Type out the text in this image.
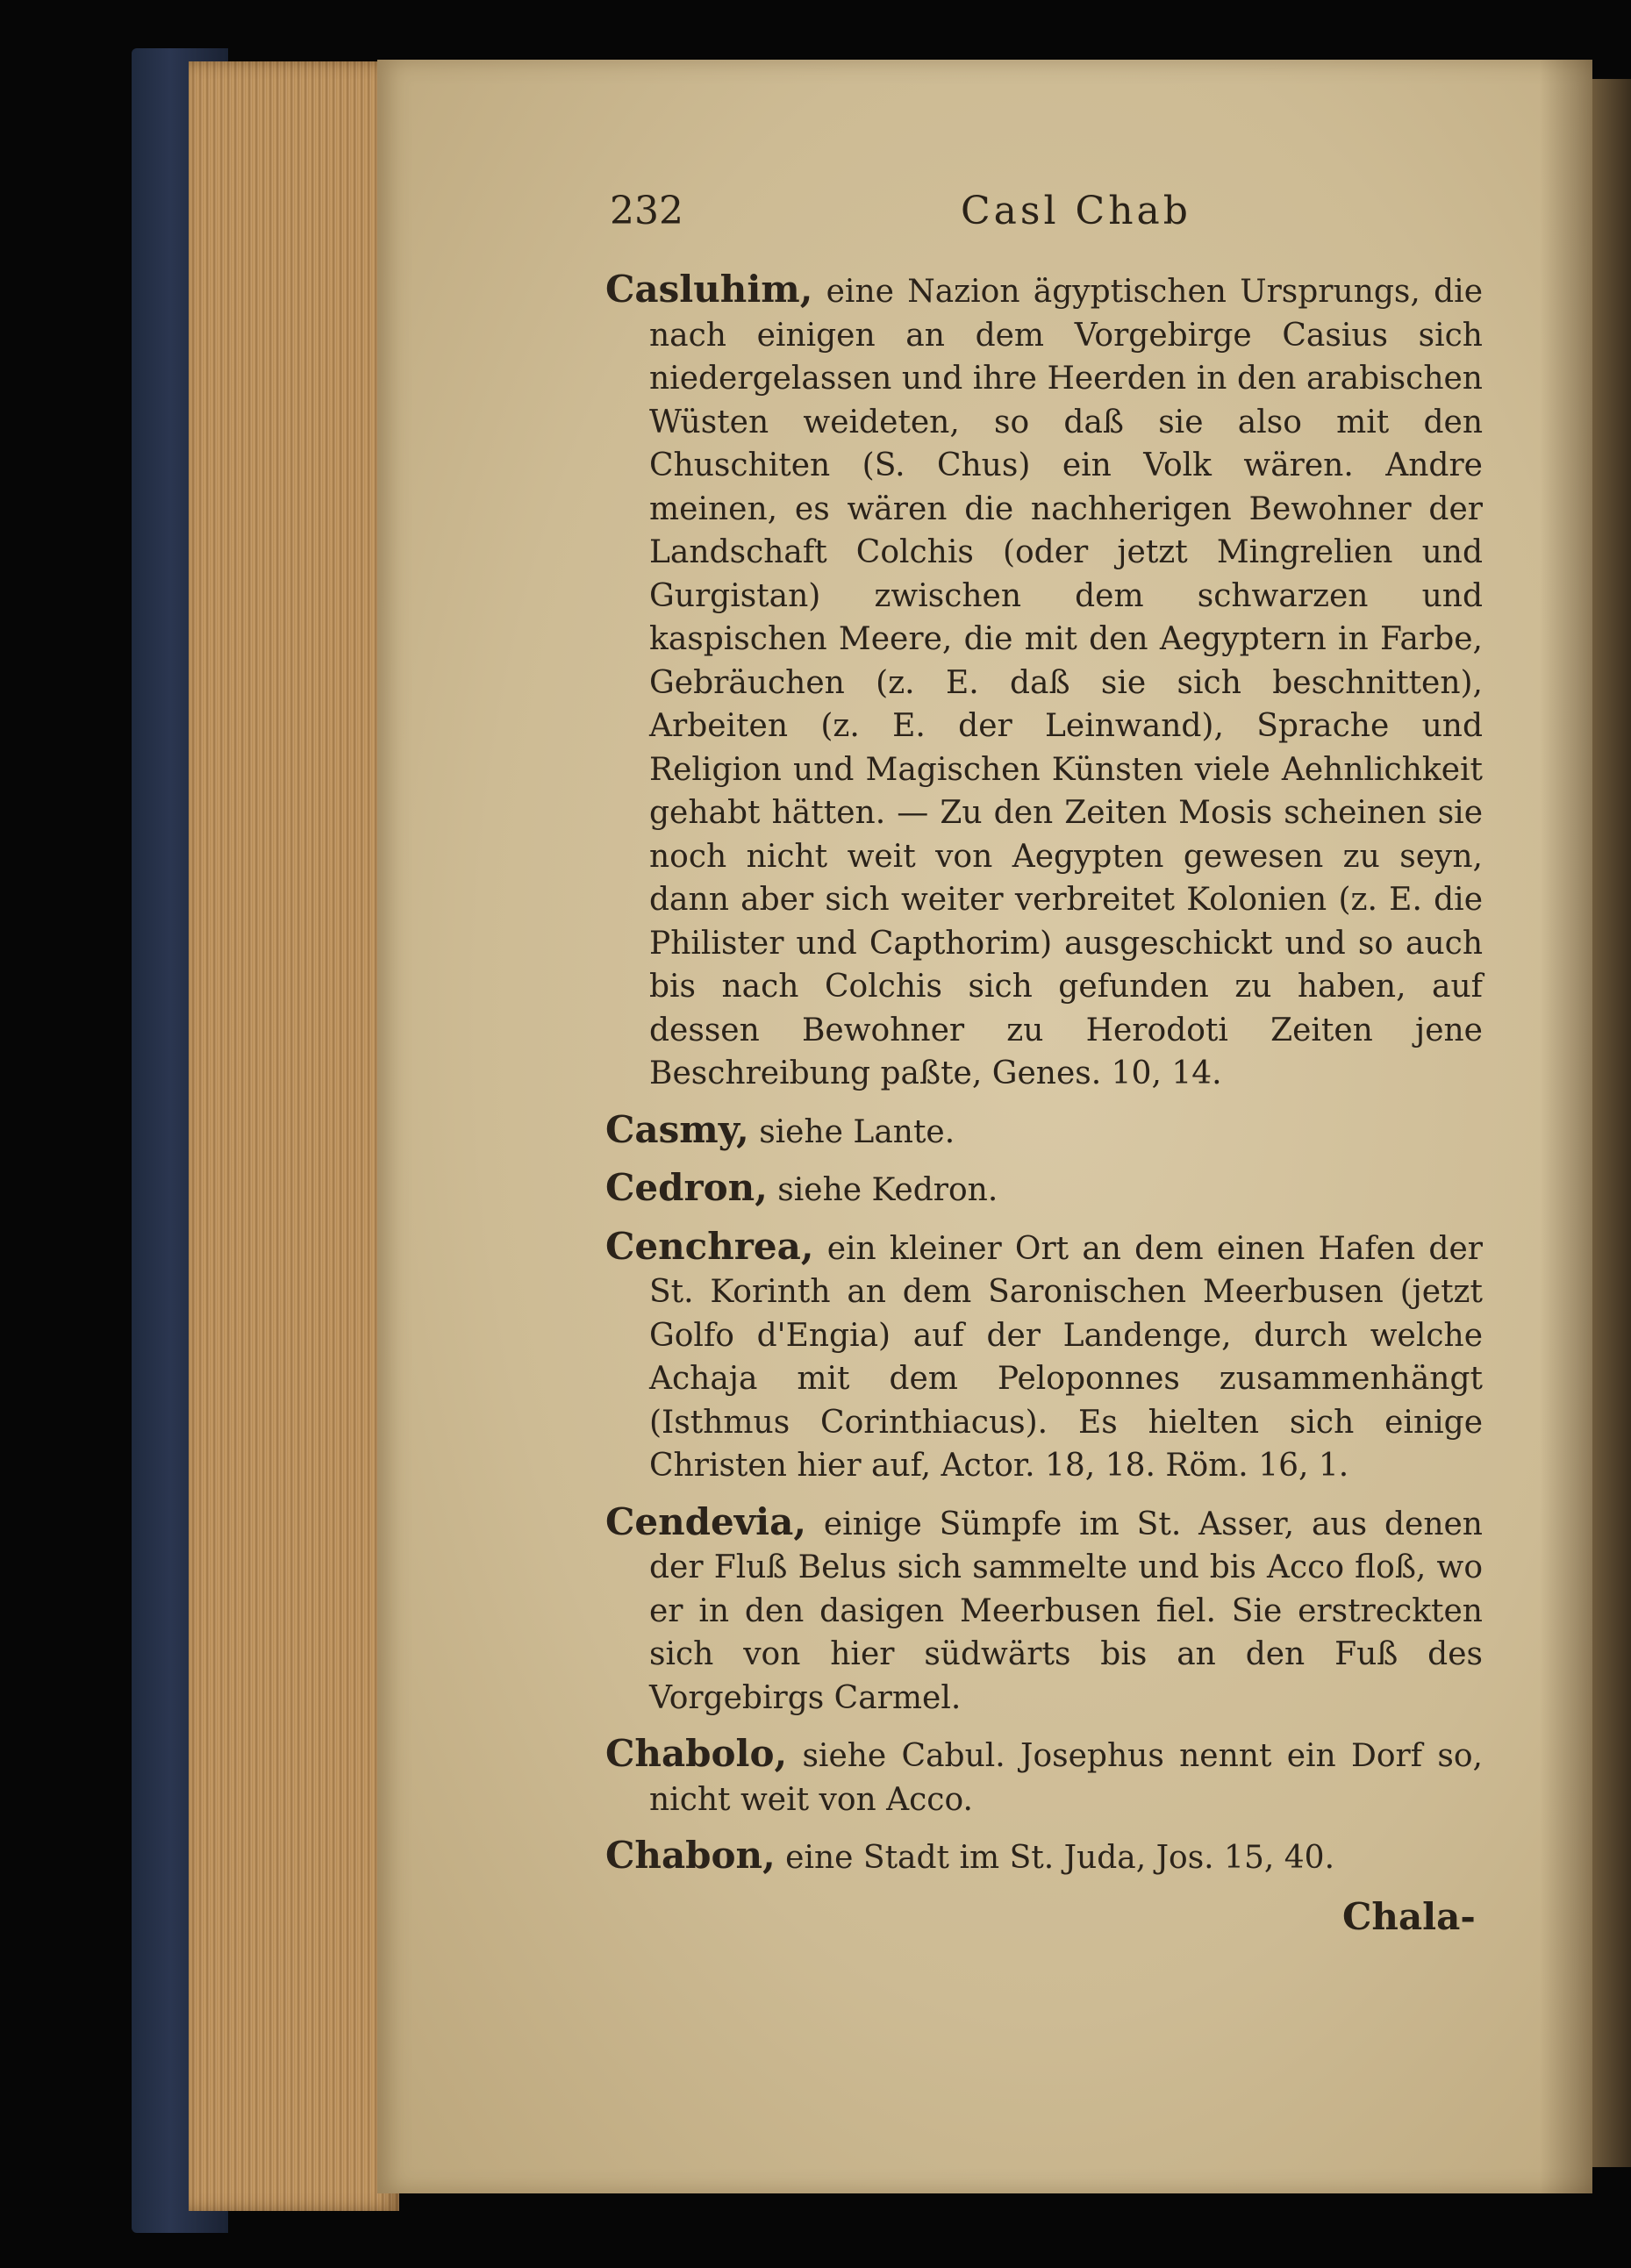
232	Casl Chab

Casluhim, eine Nazion ägyptischen Ursprungs, die nach einigen an dem Vorgebirge Casius sich niedergelassen und ihre Heerden in den arabischen Wüsten weideten, so daß sie also mit den Chuschiten (S. Chus) ein Volk wären. Andre meinen, es wären die nachherigen Bewohner der Landschaft Colchis (oder jetzt Mingrelien und Gurgistan) zwischen dem schwarzen und kaspischen Meere, die mit den Aegyptern in Farbe, Gebräuchen (z. E. daß sie sich beschnitten), Arbeiten (z. E. der Leinwand), Sprache und Religion und Magischen Künsten viele Aehnlichkeit gehabt hätten. — Zu den Zeiten Mosis scheinen sie noch nicht weit von Aegypten gewesen zu seyn, dann aber sich weiter verbreitet Kolonien (z. E. die Philister und Capthorim) ausgeschickt und so auch bis nach Colchis sich gefunden zu haben, auf dessen Bewohner zu Herodoti Zeiten jene Beschreibung paßte, Genes. 10, 14.

Casmy, siehe Lante.

Cedron, siehe Kedron.

Cenchrea, ein kleiner Ort an dem einen Hafen der St. Korinth an dem Saronischen Meerbusen (jetzt Golfo d'Engia) auf der Landenge, durch welche Achaja mit dem Peloponnes zusammenhängt (Isthmus Corinthiacus). Es hielten sich einige Christen hier auf, Actor. 18, 18. Röm. 16, 1.

Cendevia, einige Sümpfe im St. Asser, aus denen der Fluß Belus sich sammelte und bis Acco floß, wo er in den dasigen Meerbusen fiel. Sie erstreckten sich von hier südwärts bis an den Fuß des Vorgebirgs Carmel.

Chabolo, siehe Cabul. Josephus nennt ein Dorf so, nicht weit von Acco.

Chabon, eine Stadt im St. Juda, Jos. 15, 40.

Chala-
